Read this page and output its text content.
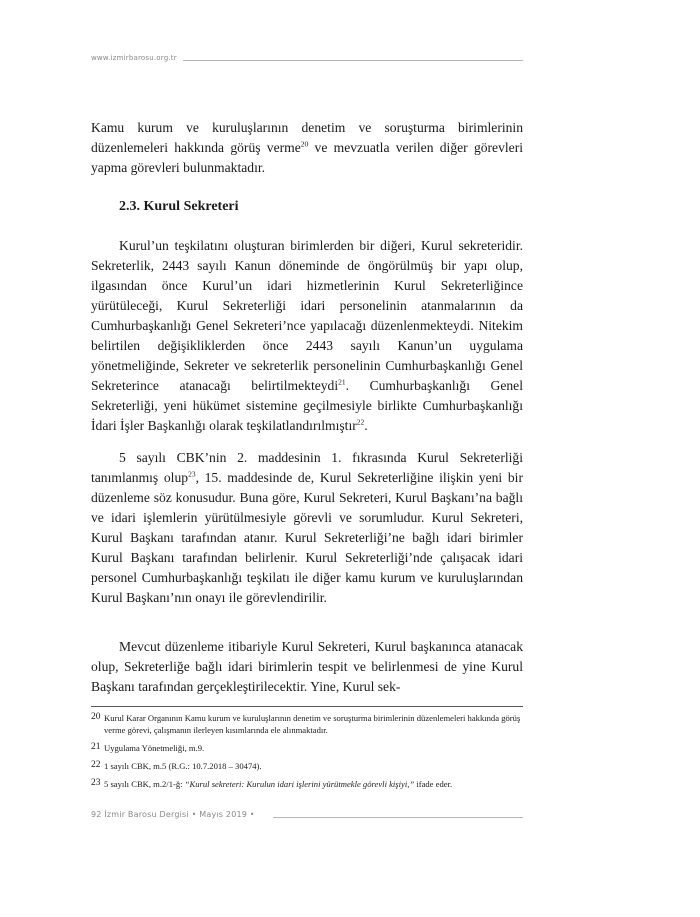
www.izmirbarosu.org.tr

Kamu kurum ve kuruluşlarının denetim ve soruşturma birimlerinin düzenlemeleri hakkında görüş verme$^{20}$ ve mevzuatla verilen diğer görevleri yapma görevleri bulunmaktadır.

2.3. Kurul Sekreteri

Kurul’un teşkilatını oluşturan birimlerden bir diğeri, Kurul sekreteridir. Sekreterlik, 2443 sayılı Kanun döneminde de öngörülmüş bir yapı olup, ilgasından önce Kurul’un idari hizmetlerinin Kurul Sekreterliğince yürütüleceği, Kurul Sekreterliği idari personelinin atanmalarının da Cumhurbaşkanlığı Genel Sekreteri’nce yapılacağı düzenlenmekteydi. Nitekim belirtilen değişikliklerden önce 2443 sayılı Kanun’un uygulama yönetmeliğinde, Sekreter ve sekreterlik personelinin Cumhurbaşkanlığı Genel Sekreterince atanacağı belirtilmekteydi$^{21}$. Cumhurbaşkanlığı Genel Sekreterliği, yeni hükümet sistemine geçilmesiyle birlikte Cumhurbaşkanlığı İdari İşler Başkanlığı olarak teşkilatlandırılmıştır$^{22}$.

5 sayılı CBK’nin 2. maddesinin 1. fıkrasında Kurul Sekreterliği tanımlanmış olup$^{23}$, 15. maddesinde de, Kurul Sekreterliğine ilişkin yeni bir düzenleme söz konusudur. Buna göre, Kurul Sekreteri, Kurul Başkanı’na bağlı ve idari işlemlerin yürütülmesiyle görevli ve sorumludur. Kurul Sekreteri, Kurul Başkanı tarafından atanır. Kurul Sekreterliği’ne bağlı idari birimler Kurul Başkanı tarafından belirlenir. Kurul Sekreterliği’nde çalışacak idari personel Cumhurbaşkanlığı teşkilatı ile diğer kamu kurum ve kuruluşlarından Kurul Başkanı’nın onayı ile görevlendirilir.

Mevcut düzenleme itibariyle Kurul Sekreteri, Kurul başkanınca atanacak olup, Sekreterliğe bağlı idari birimlerin tespit ve belirlenmesi de yine Kurul Başkanı tarafından gerçekleştirilecektir. Yine, Kurul sek-

20 Kurul Karar Organının Kamu kurum ve kuruluşlarının denetim ve soruşturma birimlerinin düzenlemeleri hakkında görüş verme görevi, çalışmanın ilerleyen kısımlarında ele alınmaktadır.
21 Uygulama Yönetmeliği, m.9.
22 1 sayılı CBK, m.5 (R.G.: 10.7.2018 – 30474).
23 5 sayılı CBK, m.2/1-ğ: “Kurul sekreteri: Kurulun idari işlerini yürütmekle görevli kişiyi,” ifade eder.
92 İzmir Barosu Dergisi • Mayıs 2019 •
